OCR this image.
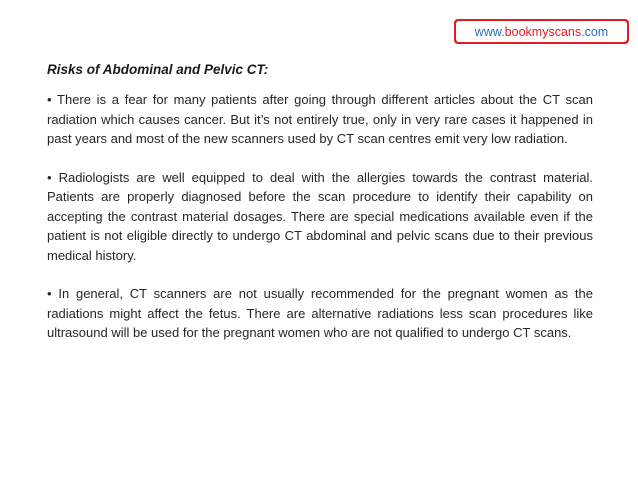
www. bookmyscans .com
Risks of Abdominal and Pelvic CT:

• There is a fear for many patients after going through different articles about the CT scan radiation which causes cancer. But it’s not entirely true, only in very rare cases it happened in past years and most of the new scanners used by CT scan centres emit very low radiation.

• Radiologists are well equipped to deal with the allergies towards the contrast material. Patients are properly diagnosed before the scan procedure to identify their capability on accepting the contrast material dosages. There are special medications available even if the patient is not eligible directly to undergo CT abdominal and pelvic scans due to their previous medical history.

• In general, CT scanners are not usually recommended for the pregnant women as the radiations might affect the fetus. There are alternative radiations less scan procedures like ultrasound will be used for the pregnant women who are not qualified to undergo CT scans.
